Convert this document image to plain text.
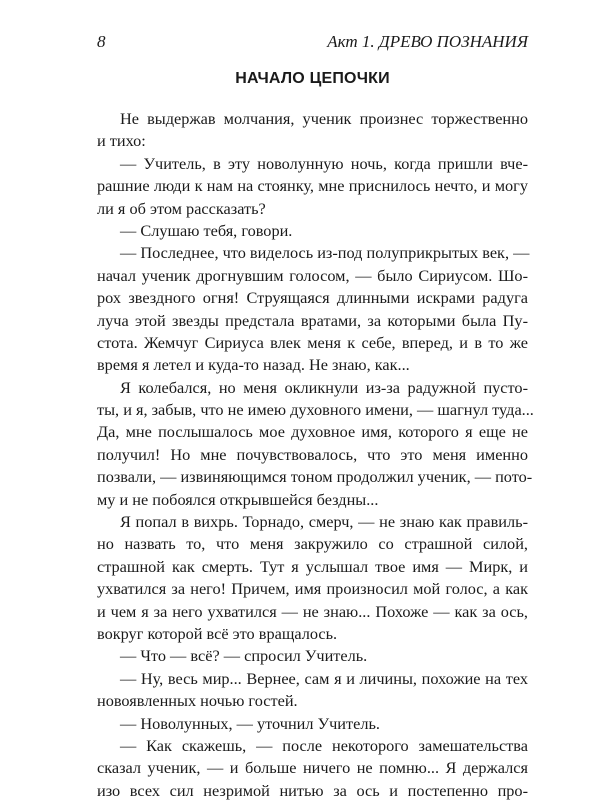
8	Акт 1. ДРЕВО ПОЗНАНИЯ
НАЧАЛО ЦЕПОЧКИ
Не выдержав молчания, ученик произнес торжественно
и тихо:
— Учитель, в эту новолунную ночь, когда пришли вче-
рашние люди к нам на стоянку, мне приснилось нечто, и могу
ли я об этом рассказать?
— Слушаю тебя, говори.
— Последнее, что виделось из-под полуприкрытых век, —
начал ученик дрогнувшим голосом, — было Сириусом. Шо-
рох звездного огня! Струящаяся длинными искрами радуга
луча этой звезды предстала вратами, за которыми была Пу-
стота. Жемчуг Сириуса влек меня к себе, вперед, и в то же
время я летел и куда-то назад. Не знаю, как...
Я колебался, но меня окликнули из-за радужной пусто-
ты, и я, забыв, что не имею духовного имени, — шагнул туда...
Да, мне послышалось мое духовное имя, которого я еще не
получил! Но мне почувствовалось, что это меня именно
позвали, — извиняющимся тоном продолжил ученик, — пото-
му и не побоялся открывшейся бездны...
Я попал в вихрь. Торнадо, смерч, — не знаю как правиль-
но назвать то, что меня закружило со страшной силой,
страшной как смерть. Тут я услышал твое имя — Мирк, и
ухватился за него! Причем, имя произносил мой голос, а как
и чем я за него ухватился — не знаю... Похоже — как за ось,
вокруг которой всё это вращалось.
— Что — всё? — спросил Учитель.
— Ну, весь мир... Вернее, сам я и личины, похожие на тех
новоявленных ночью гостей.
— Новолунных, — уточнил Учитель.
— Как скажешь, — после некоторого замешательства
сказал ученик, — и больше ничего не помню... Я держался
изо всех сил незримой нитью за ось и постепенно про-
